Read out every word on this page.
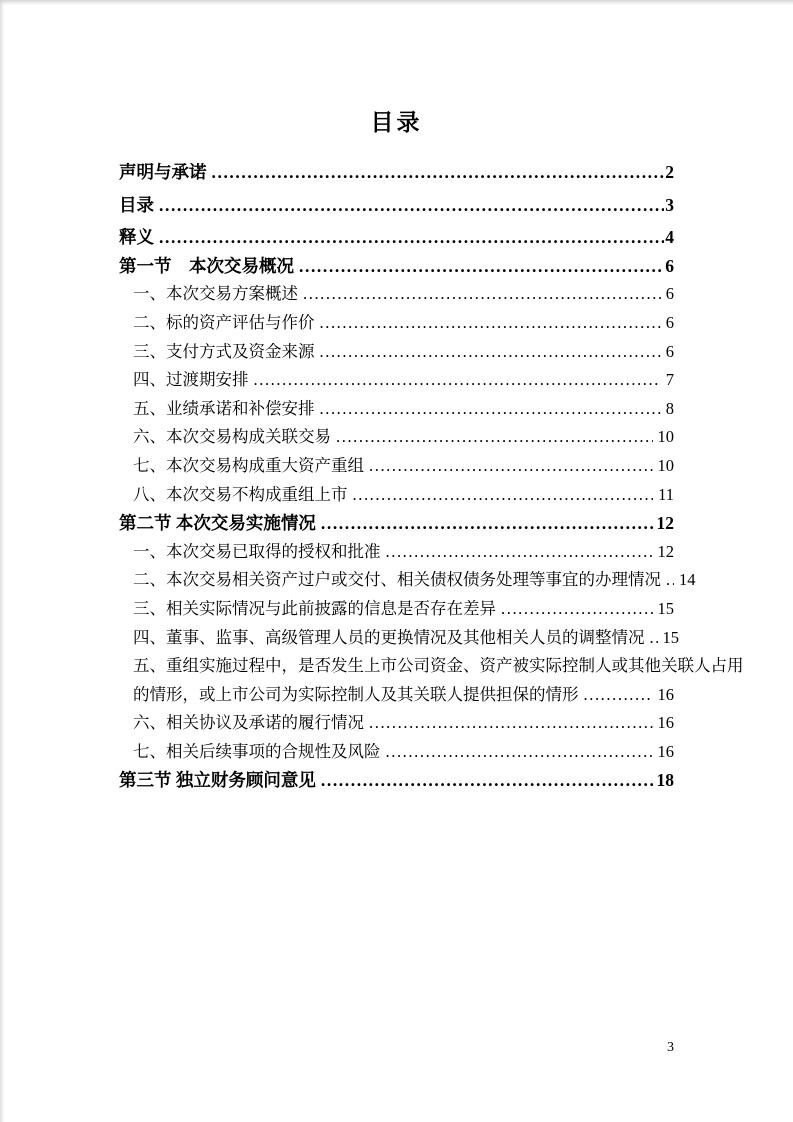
目录
声明与承诺 .....	2
目录 .....	3
释义 .....	4
第一节　本次交易概况 .....	6
一、本次交易方案概述 .....	6
二、标的资产评估与作价 .....	6
三、支付方式及资金来源 .....	6
四、过渡期安排 .....	7
五、业绩承诺和补偿安排 .....	8
六、本次交易构成关联交易 .....	10
七、本次交易构成重大资产重组 .....	10
八、本次交易不构成重组上市 .....	11
第二节 本次交易实施情况 .....	12
一、本次交易已取得的授权和批准 .....	12
二、本次交易相关资产过户或交付、相关债权债务处理等事宜的办理情况 ..... 14
三、相关实际情况与此前披露的信息是否存在差异 .....	15
四、董事、监事、高级管理人员的更换情况及其他相关人员的调整情况 ..... 15
五、重组实施过程中，是否发生上市公司资金、资产被实际控制人或其他关联人占用
的情形，或上市公司为实际控制人及其关联人提供担保的情形 .....	16
六、相关协议及承诺的履行情况 .....	16
七、相关后续事项的合规性及风险 .....	16
第三节 独立财务顾问意见 .....	18
3
